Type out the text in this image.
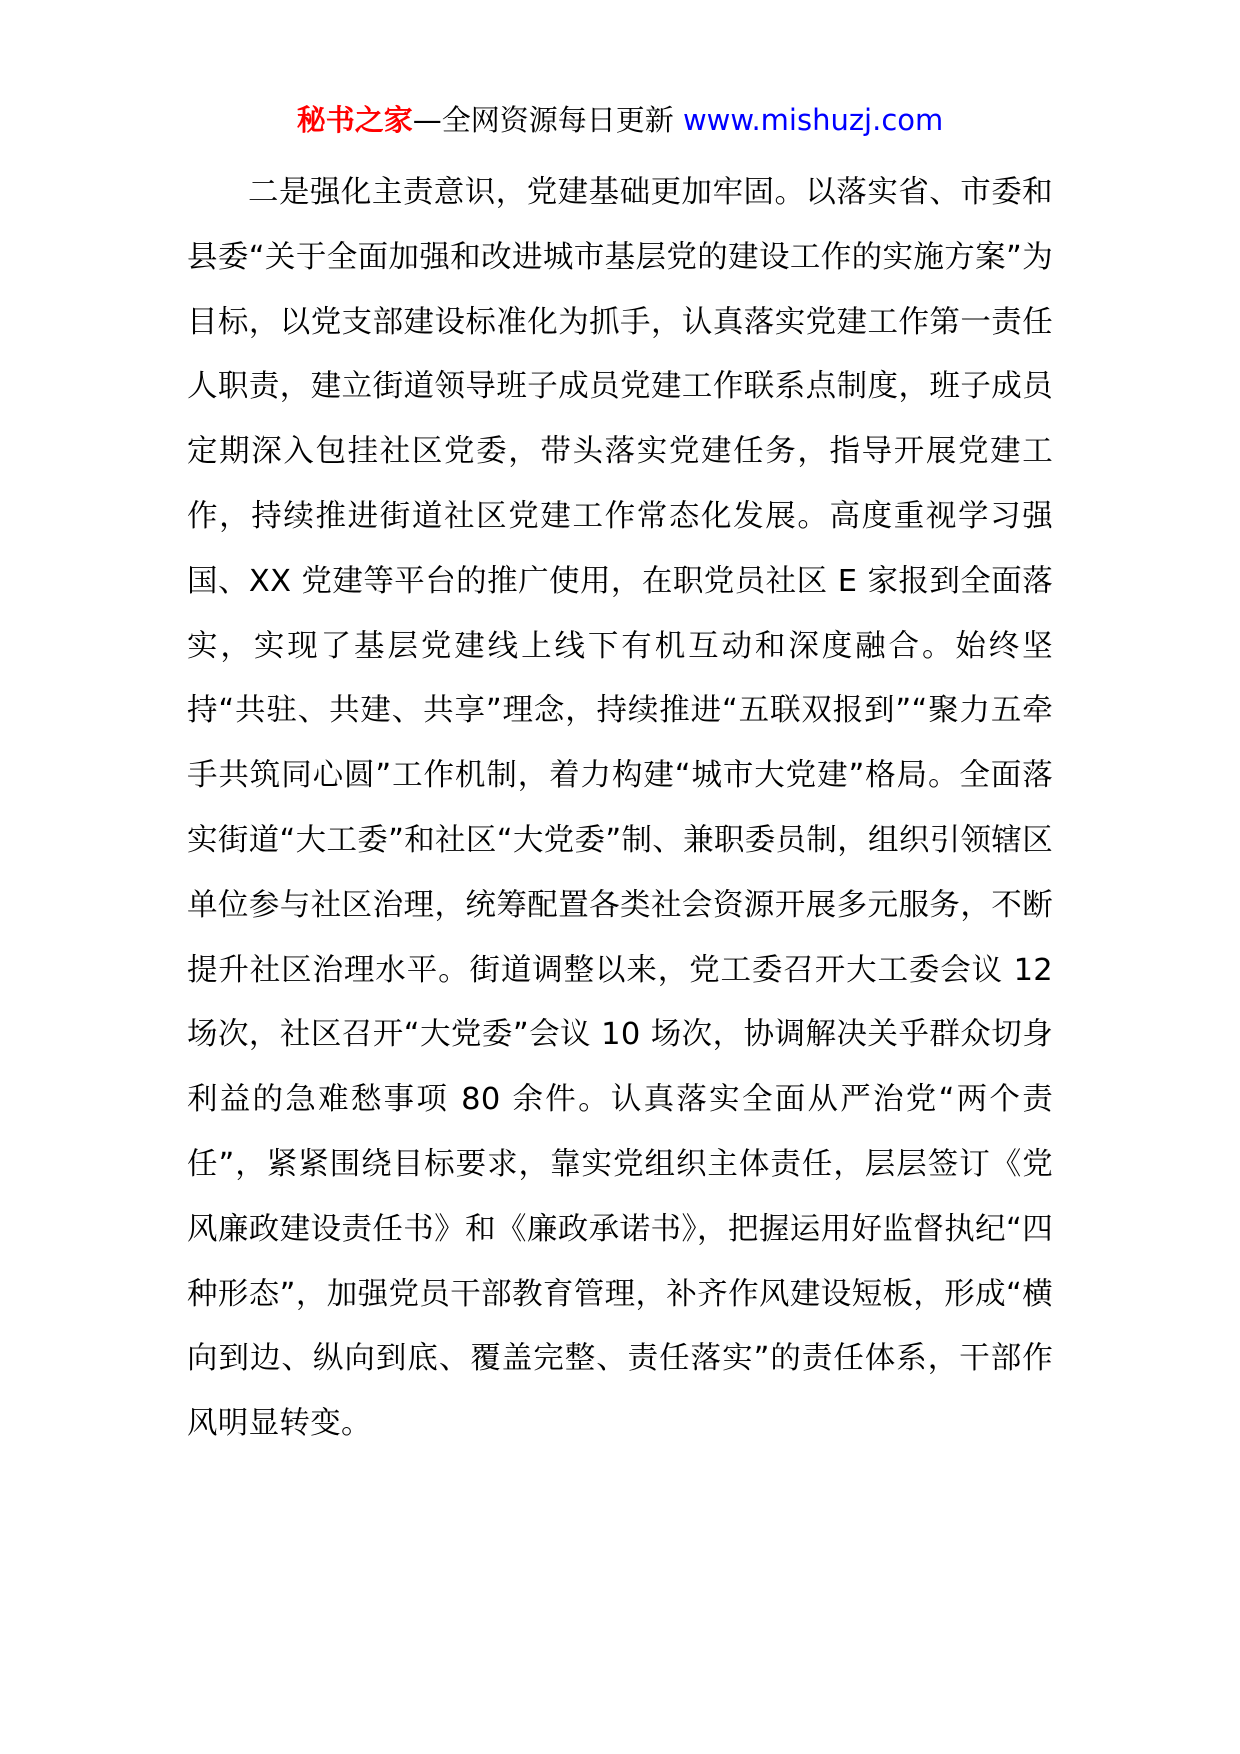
秘书之家—全网资源每日更新 www.mishuzj.com

二是强化主责意识，党建基础更加牢固。以落实省、市委和县委“关于全面加强和改进城市基层党的建设工作的实施方案”为目标，以党支部建设标准化为抓手，认真落实党建工作第一责任人职责，建立街道领导班子成员党建工作联系点制度，班子成员定期深入包挂社区党委，带头落实党建任务，指导开展党建工作，持续推进街道社区党建工作常态化发展。高度重视学习强国、XX 党建等平台的推广使用，在职党员社区 E 家报到全面落实，实现了基层党建线上线下有机互动和深度融合。始终坚持“共驻、共建、共享”理念，持续推进“五联双报到”“聚力五牵手共筑同心圆”工作机制，着力构建“城市大党建”格局。全面落实街道“大工委”和社区“大党委”制、兼职委员制，组织引领辖区单位参与社区治理，统筹配置各类社会资源开展多元服务，不断提升社区治理水平。街道调整以来，党工委召开大工委会议 12 场次，社区召开“大党委”会议 10 场次，协调解决关乎群众切身利益的急难愁事项 80 余件。认真落实全面从严治党“两个责任”，紧紧围绕目标要求，靠实党组织主体责任，层层签订《党风廉政建设责任书》和《廉政承诺书》，把握运用好监督执纪“四种形态”，加强党员干部教育管理，补齐作风建设短板，形成“横向到边、纵向到底、覆盖完整、责任落实”的责任体系，干部作风明显转变。
